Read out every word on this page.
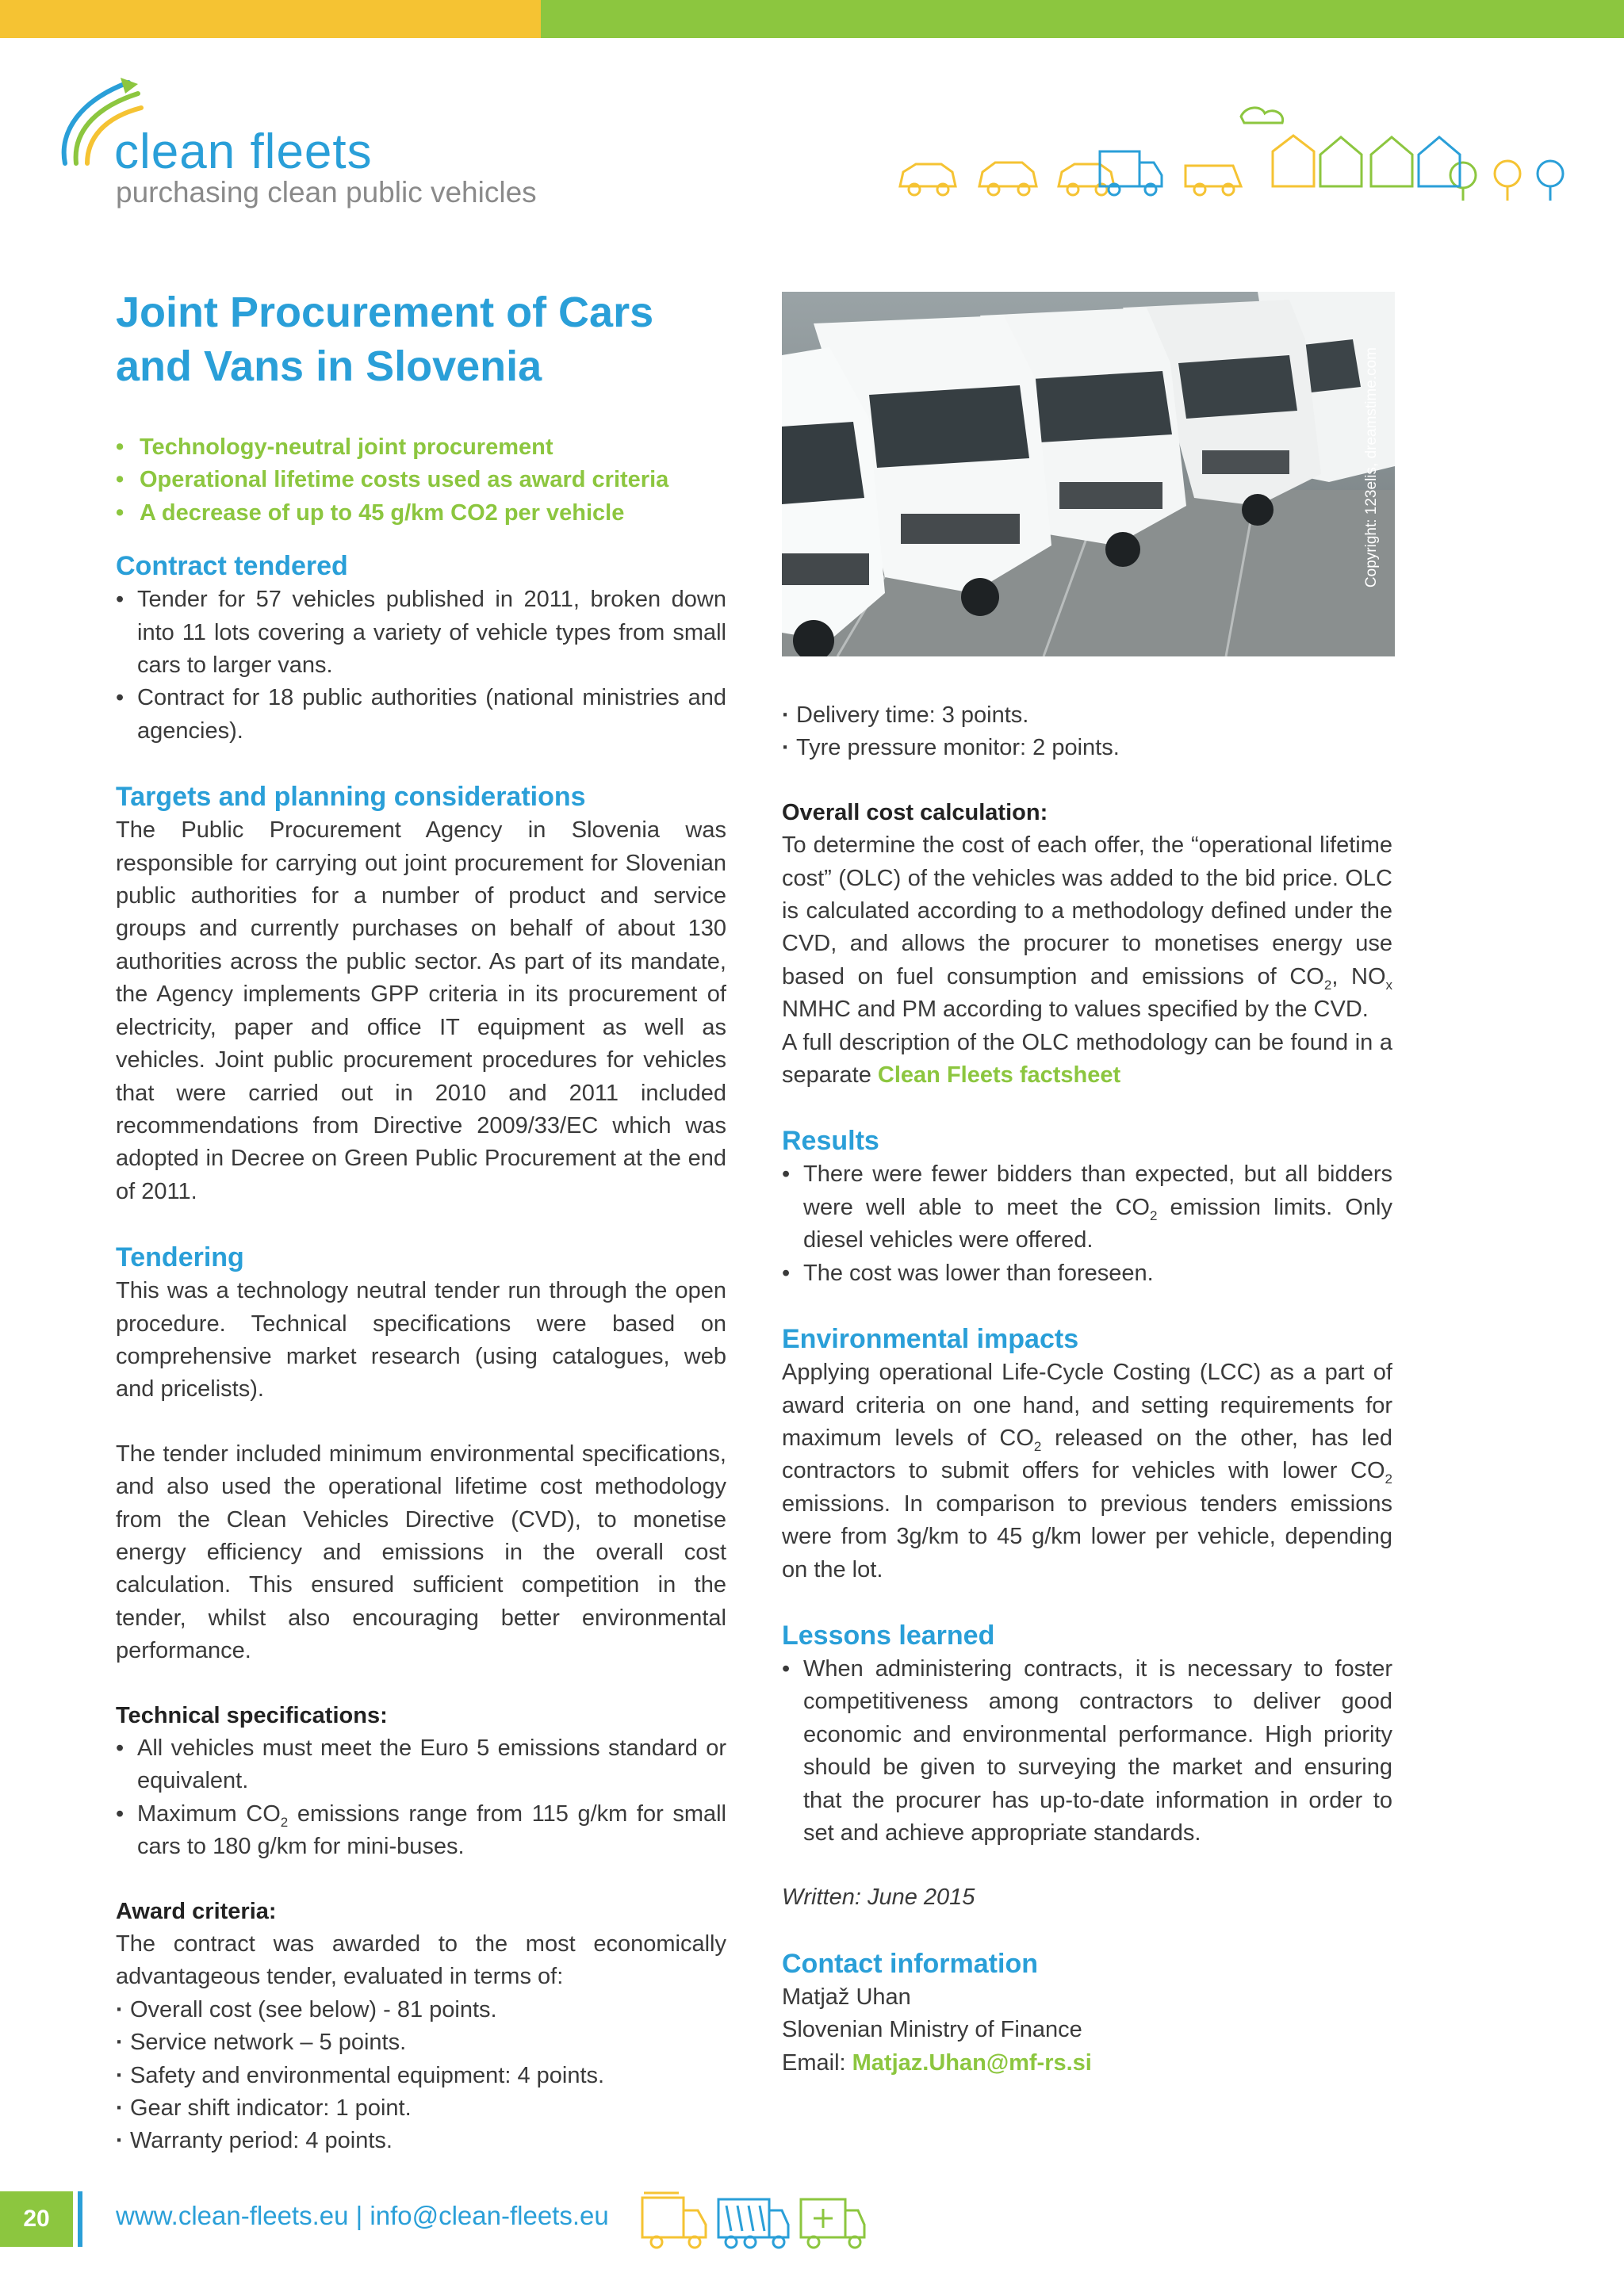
clean fleets
purchasing clean public vehicles
Joint Procurement of Cars and Vans in Slovenia
• Technology-neutral joint procurement
• Operational lifetime costs used as award criteria
• A decrease of up to 45 g/km CO2 per vehicle
Contract tendered
• Tender for 57 vehicles published in 2011, broken down into 11 lots covering a variety of vehicle types from small cars to larger vans.
• Contract for 18 public authorities (national ministries and agencies).
Targets and planning considerations

The Public Procurement Agency in Slovenia was responsible for carrying out joint procurement for Slovenian public authorities for a number of product and service groups and currently purchases on behalf of about 130 authorities across the public sector. As part of its mandate, the Agency implements GPP criteria in its procurement of electricity, paper and office IT equipment as well as vehicles. Joint public procurement procedures for vehicles that were carried out in 2010 and 2011 included recommendations from Directive 2009/33/EC which was adopted in Decree on Green Public Procurement at the end of 2011.

Tendering

This was a technology neutral tender run through the open procedure. Technical specifications were based on comprehensive market research (using catalogues, web and pricelists).

The tender included minimum environmental specifications, and also used the operational lifetime cost methodology from the Clean Vehicles Directive (CVD), to monetise energy efficiency and emissions in the overall cost calculation. This ensured sufficient competition in the tender, whilst also encouraging better environmental performance.

Technical specifications:
• All vehicles must meet the Euro 5 emissions standard or equivalent.
• Maximum $CO_2$ emissions range from 115 g/km for small cars to 180 g/km for mini-buses.
Award criteria:

The contract was awarded to the most economically advantageous tender, evaluated in terms of:

· Overall cost (see below) - 81 points.
· Service network – 5 points.
· Safety and environmental equipment: 4 points.
· Gear shift indicator: 1 point.
· Warranty period: 4 points.
Copyright: 123elis, dreamstime.com
· Delivery time: 3 points.
· Tyre pressure monitor: 2 points.
Overall cost calculation:

To determine the cost of each offer, the “operational lifetime cost” (OLC) of the vehicles was added to the bid price. OLC is calculated according to a methodology defined under the CVD, and allows the procurer to monetises energy use based on fuel consumption and emissions of $CO_2$, $NO_x$ NMHC and PM according to values specified by the CVD.

A full description of the OLC methodology can be found in a separate Clean Fleets factsheet

Results
• There were fewer bidders than expected, but all bidders were well able to meet the $CO_2$ emission limits. Only diesel vehicles were offered.
• The cost was lower than foreseen.
Environmental impacts

Applying operational Life-Cycle Costing (LCC) as a part of award criteria on one hand, and setting requirements for maximum levels of $CO_2$ released on the other, has led contractors to submit offers for vehicles with lower $CO_2$ emissions. In comparison to previous tenders emissions were from 3g/km to 45 g/km lower per vehicle, depending on the lot.

Lessons learned
• When administering contracts, it is necessary to foster competitiveness among contractors to deliver good economic and environmental performance. High priority should be given to surveying the market and ensuring that the procurer has up-to-date information in order to set and achieve appropriate standards.

Written: June 2015

Contact information

Matjaž Uhan

Slovenian Ministry of Finance

Email: Matjaz.Uhan@mf-rs.si

20	www.clean-fleets.eu | info@clean-fleets.eu
